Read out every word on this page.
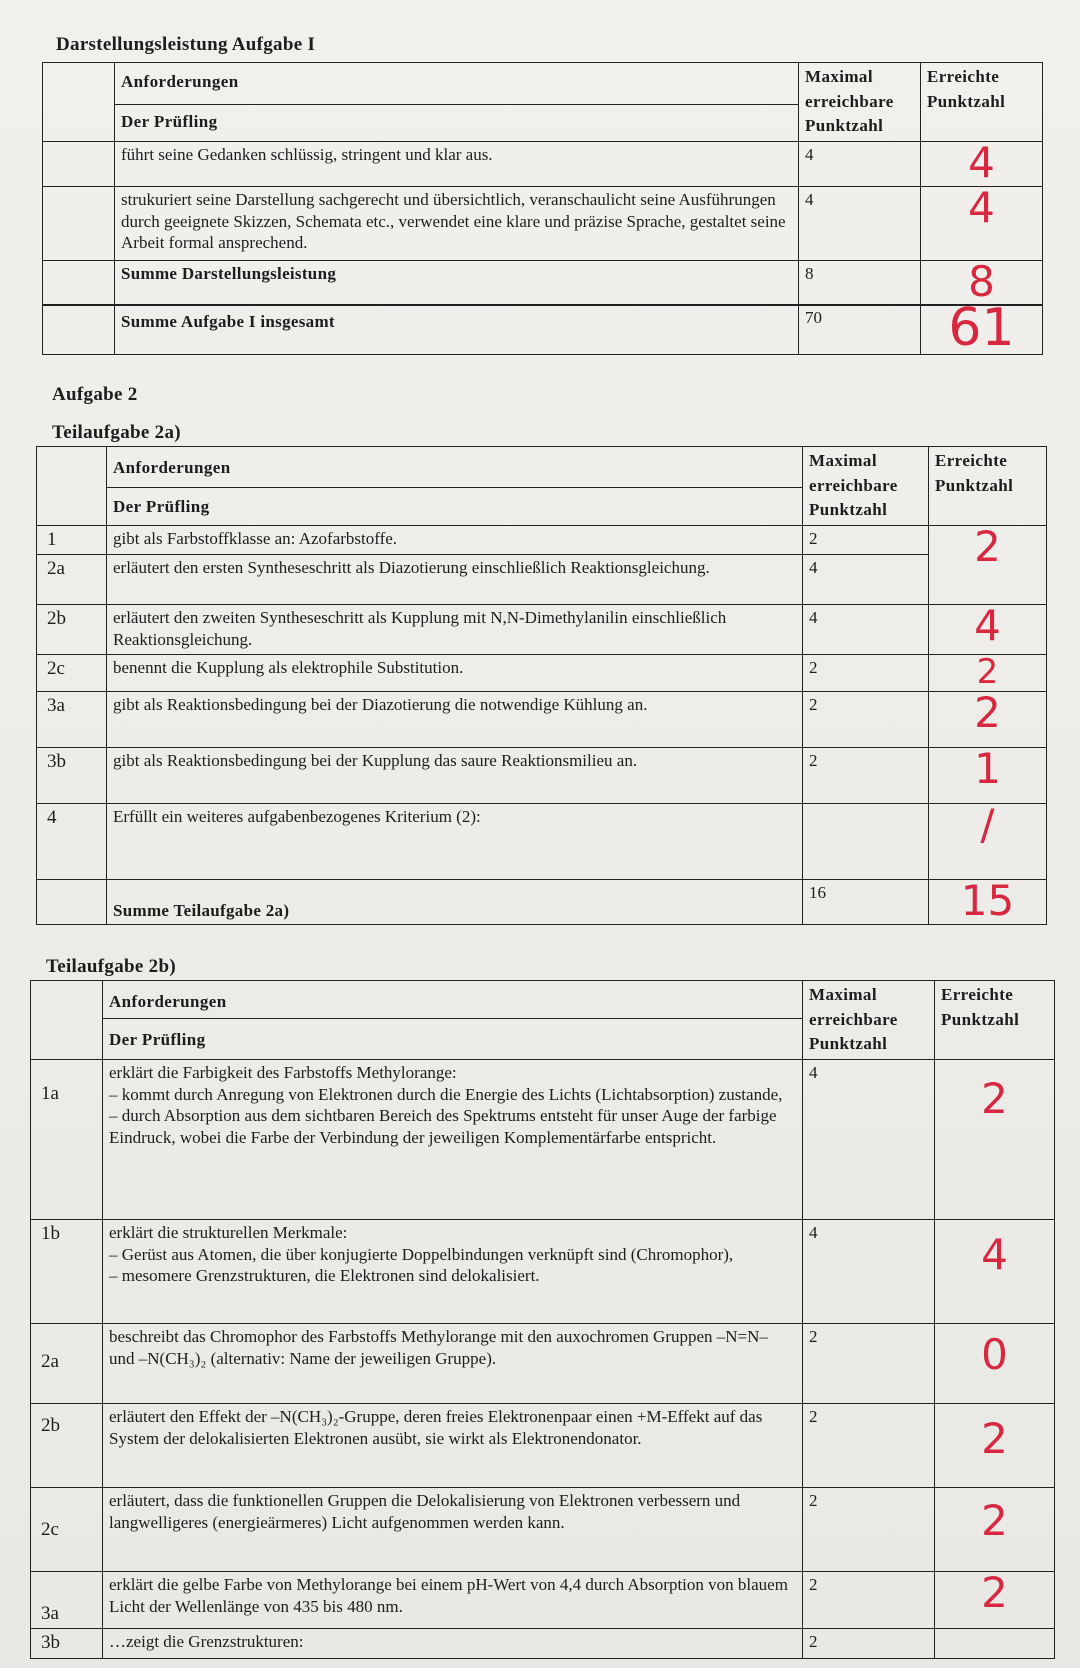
Darstellungsleistung Aufgabe I
	Anforderungen	Maximal
erreichbare
Punktzahl	Erreichte
Punktzahl
	Der Prüfling		
	führt seine Gedanken schlüssig, stringent und klar aus.	4	4
	strukuriert seine Darstellung sachgerecht und übersichtlich, veranschaulicht seine Ausführungen durch geeignete Skizzen, Schemata etc., verwendet eine klare und präzise Sprache, gestaltet seine Arbeit formal ansprechend.	4	4
	Summe Darstellungsleistung	8	8
	Summe Aufgabe I insgesamt	70	61
Aufgabe 2
Teilaufgabe 2a)
	Anforderungen	Maximal
erreichbare
Punktzahl	Erreichte
Punktzahl
	Der Prüfling		
1	gibt als Farbstoffklasse an: Azofarbstoffe.	2	2
2a	erläutert den ersten Syntheseschritt als Diazotierung einschließlich Reaktionsgleichung.	4	
2b	erläutert den zweiten Syntheseschritt als Kupplung mit N,N-Dimethylanilin einschließlich Reaktionsgleichung.	4	4
2c	benennt die Kupplung als elektrophile Substitution.	2	2
3a	gibt als Reaktionsbedingung bei der Diazotierung die notwendige Kühlung an.	2	2
3b	gibt als Reaktionsbedingung bei der Kupplung das saure Reaktionsmilieu an.	2	1
4	Erfüllt ein weiteres aufgabenbezogenes Kriterium (2):		/
	Summe Teilaufgabe 2a)	16	15
Teilaufgabe 2b)
	Anforderungen	Maximal
erreichbare
Punktzahl	Erreichte
Punktzahl
	Der Prüfling		
1a	erklärt die Farbigkeit des Farbstoffs Methylorange:
– kommt durch Anregung von Elektronen durch die Energie des Lichts (Lichtabsorption) zustande,
– durch Absorption aus dem sichtbaren Bereich des Spektrums entsteht für unser Auge der farbige Eindruck, wobei die Farbe der Verbindung der jeweiligen Komplementärfarbe entspricht.	4	2
1b	erklärt die strukturellen Merkmale:
– Gerüst aus Atomen, die über konjugierte Doppelbindungen verknüpft sind (Chromophor),
– mesomere Grenzstrukturen, die Elektronen sind delokalisiert.	4	4
2a	beschreibt das Chromophor des Farbstoffs Methylorange mit den auxochromen Gruppen –N=N– und –N(CH₃)₂ (alternativ: Name der jeweiligen Gruppe).	2	0
2b	erläutert den Effekt der –N(CH₃)₂-Gruppe, deren freies Elektronenpaar einen +M-Effekt auf das System der delokalisierten Elektronen ausübt, sie wirkt als Elektronendonator.	2	2
2c	erläutert, dass die funktionellen Gruppen die Delokalisierung von Elektronen verbessern und langwelligeres (energieärmeres) Licht aufgenommen werden kann.	2	2
3a	erklärt die gelbe Farbe von Methylorange bei einem pH-Wert von 4,4 durch Absorption von blauem Licht der Wellenlänge von 435 bis 480 nm.	2	2
3b	…zeigt die Grenzstrukturen:	2	
